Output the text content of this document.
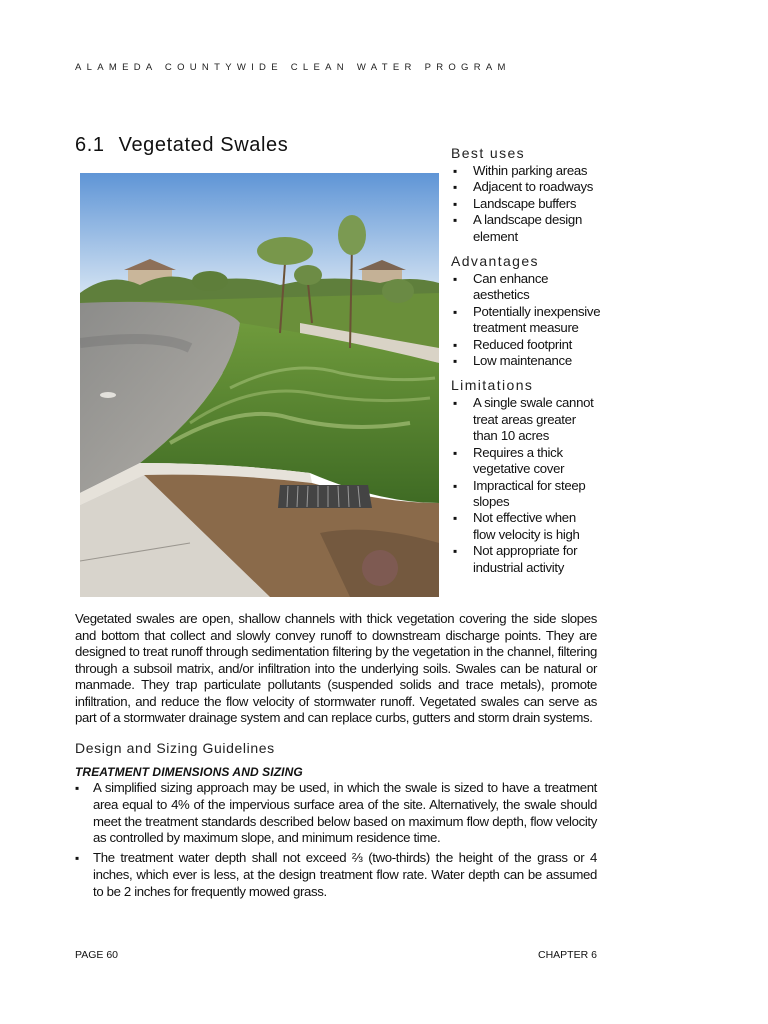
ALAMEDA COUNTYWIDE CLEAN WATER PROGRAM
6.1 Vegetated Swales	Best uses
▪ Within parking areas
▪ Adjacent to roadways
▪ Landscape buffers
▪ A landscape design element
Advantages
▪ Can enhance aesthetics
▪ Potentially inexpensive treatment measure
▪ Reduced footprint
▪ Low maintenance
Limitations
▪ A single swale cannot treat areas greater than 10 acres
▪ Requires a thick vegetative cover
▪ Impractical for steep slopes
▪ Not effective when flow velocity is high
▪ Not appropriate for industrial activity

Vegetated swales are open, shallow channels with thick vegetation covering the side slopes and bottom that collect and slowly convey runoff to downstream discharge points. They are designed to treat runoff through sedimentation filtering by the vegetation in the channel, filtering through a subsoil matrix, and/or infiltration into the underlying soils. Swales can be natural or manmade. They trap particulate pollutants (suspended solids and trace metals), promote infiltration, and reduce the flow velocity of stormwater runoff. Vegetated swales can serve as part of a stormwater drainage system and can replace curbs, gutters and storm drain systems.

Design and Sizing Guidelines
TREATMENT DIMENSIONS AND SIZING
▪ A simplified sizing approach may be used, in which the swale is sized to have a treatment area equal to 4% of the impervious surface area of the site. Alternatively, the swale should meet the treatment standards described below based on maximum flow depth, flow velocity as controlled by maximum slope, and minimum residence time.
▪ The treatment water depth shall not exceed ⅔ (two-thirds) the height of the grass or 4 inches, which ever is less, at the design treatment flow rate. Water depth can be assumed to be 2 inches for frequently mowed grass.
PAGE 60	CHAPTER 6
